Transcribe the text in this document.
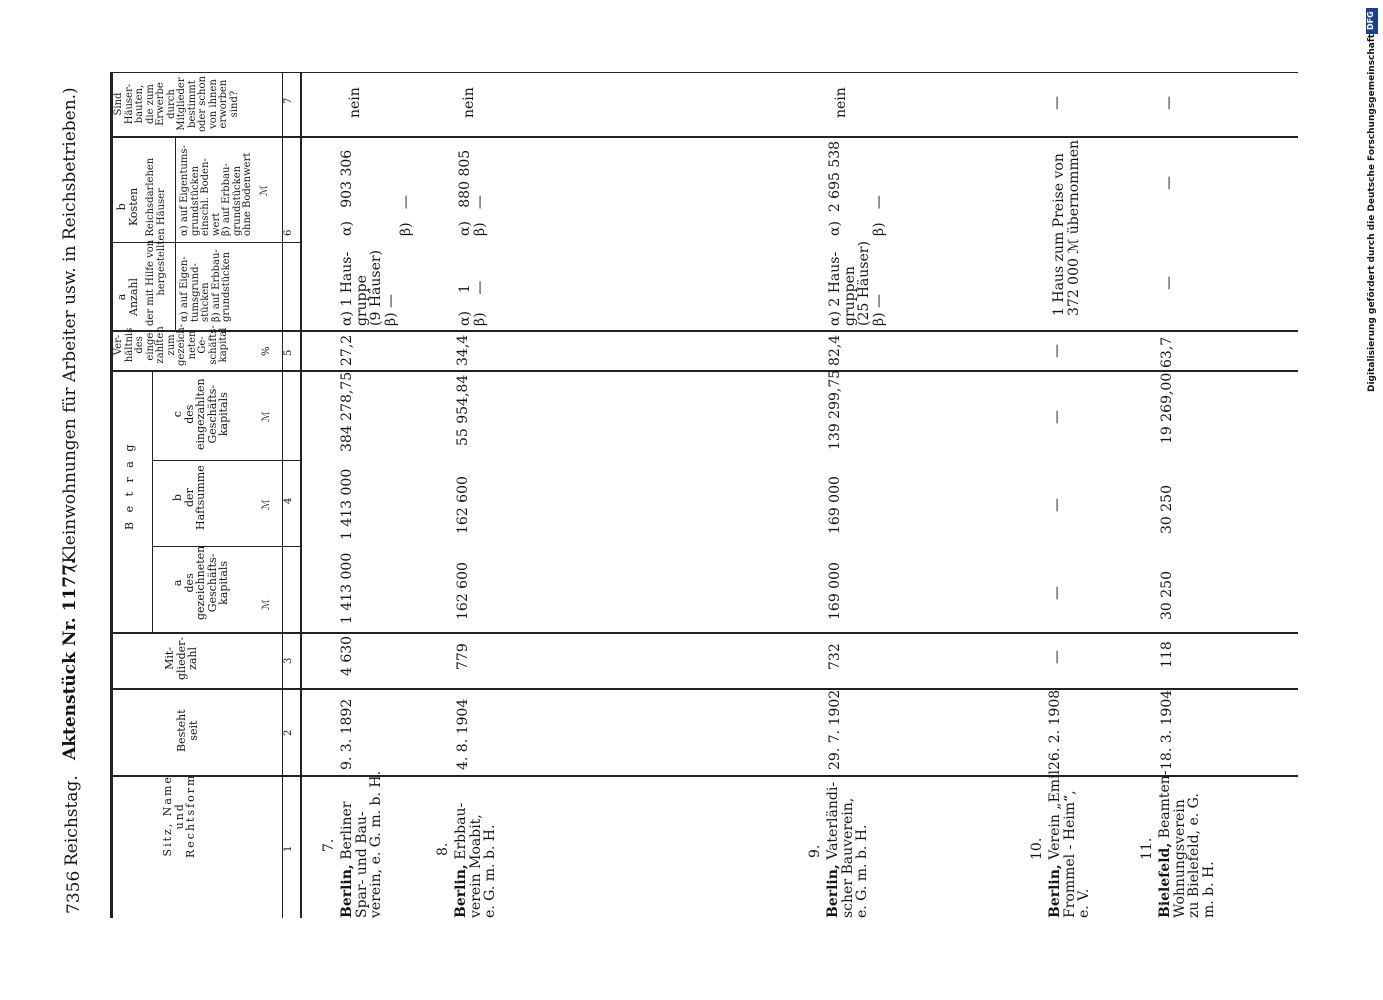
7356
Reichstag.
Aktenstück Nr. 1177.
(Kleinwohnungen für Arbeiter usw. in Reichsbetrieben.)
Sitz, Name
und
Rechtsform
Besteht
seit
Mit-
glieder-
zahl
B e t r a g
a
des
gezeichneten
Geschäfts-
kapitals
b
der
Haftsumme
c
des
eingezahlten
Geschäfts-
kapitals
Ver-
hältnis
des
einge-
zahlten
zum
gezeich-
neten
Ge-
schäfts-
kapital
a
Anzahl
b
Kosten
der mit Hilfe von Reichsdarlehen
hergestellten Häuser
α) auf Eigen-
tumsgrund-
stücken
β) auf Erbbau-
grundstücken
α) auf Eigentums-
grundstücken
einschl. Boden-
wert
β) auf Erbbau-
grundstücken
ohne Bodenwert
Sind
Häuser-
bauten,
die zum
Erwerbe
durch
Mitglieder
bestimmt
oder schon
von ihnen
erworben
sind?
ℳ
ℳ
ℳ
%
ℳ
1
2
3
4
5
6
7
7.
Berlin, Berliner
Spar- und Bau-
verein, e. G. m. b. H.
9. 3. 1892
4 630
1 413 000
1 413 000
384 278,75
27,2
α) 1 Haus-
gruppe
(9 Häuser)
β) —
α)   903 306

β)   —
nein
8.
Berlin, Erbbau-
verein Moabit,
e. G. m. b. H.
4. 8. 1904
779
162 600
162 600
55 954,84
34,4
α)    1
β)    —
α)   880 805
β)   —
nein
9.
Berlin, Vaterländi-
scher Bauverein,
e. G. m. b. H.
29. 7. 1902
732
169 000
169 000
139 299,75
82,4
α) 2 Haus-
gruppen
(25 Häuser)
β) —
α)  2 695 538

β)   —
nein
10.
Berlin, Verein „Emil
Frommel - Heim“,
e. V.
26. 2. 1908
—
—
—
—
—
1 Haus zum Preise von
372 000 ℳ übernommen
—
11. Bielefeld, Beamten-
Wohnungsverein
zu Bielefeld, e. G.
m. b. H.
18. 3. 1904
118
30 250
30 250
19 269,00
63,7
—
—
—
DFG
Digitalisierung gefördert durch die Deutsche Forschungsgemeinschaft
